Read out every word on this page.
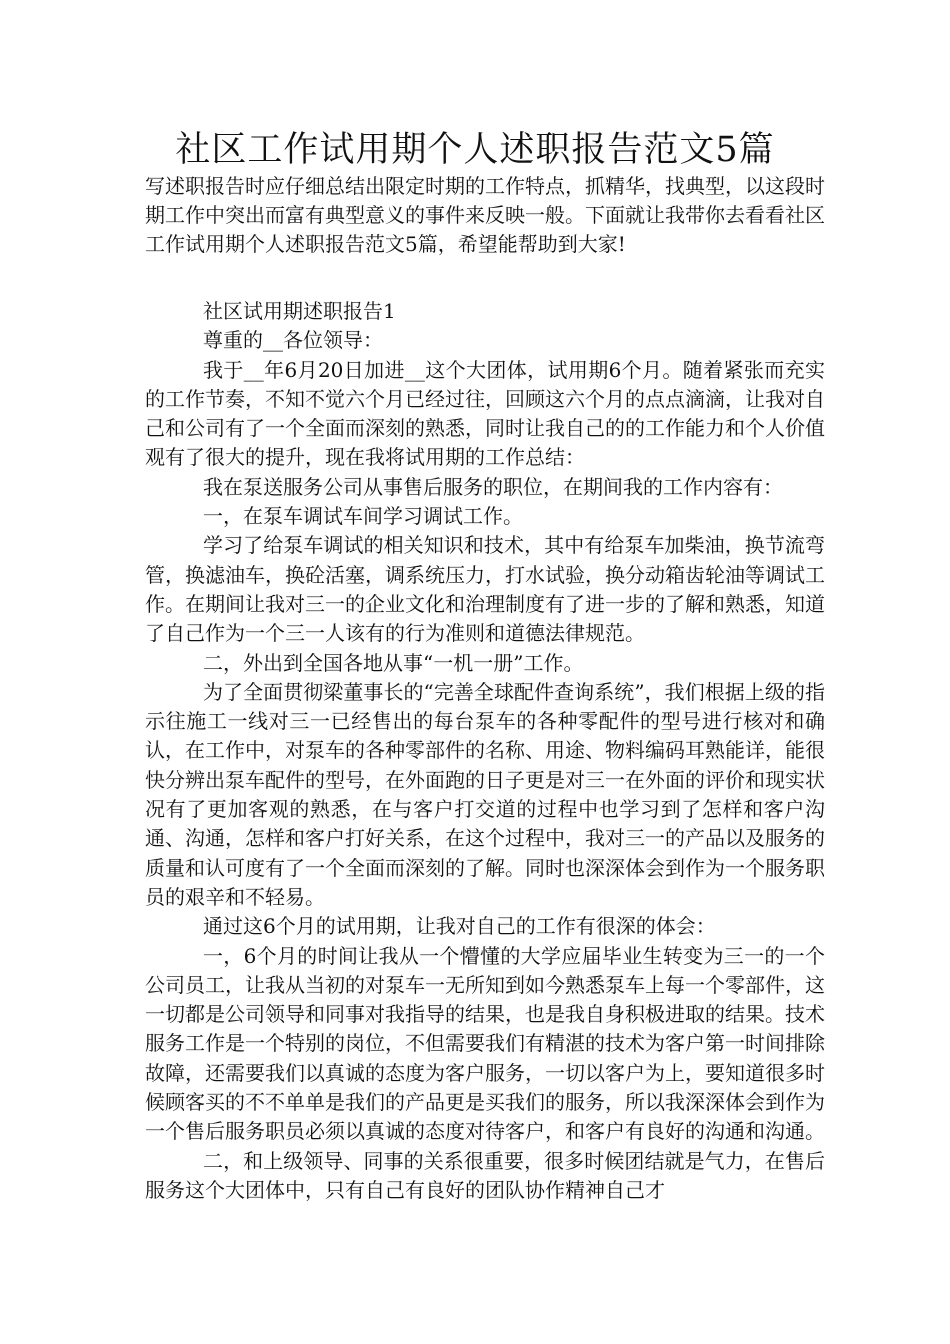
社区工作试用期个人述职报告范文5篇

写述职报告时应仔细总结出限定时期的工作特点，抓精华，找典型，以这段时期工作中突出而富有典型意义的事件来反映一般。下面就让我带你去看看社区工作试用期个人述职报告范文5篇，希望能帮助到大家!

社区试用期述职报告1

尊重的__各位领导：

我于__年6月20日加进__这个大团体，试用期6个月。随着紧张而充实的工作节奏，不知不觉六个月已经过往，回顾这六个月的点点滴滴，让我对自己和公司有了一个全面而深刻的熟悉，同时让我自己的的工作能力和个人价值观有了很大的提升，现在我将试用期的工作总结：

我在泵送服务公司从事售后服务的职位，在期间我的工作内容有：

一，在泵车调试车间学习调试工作。

学习了给泵车调试的相关知识和技术，其中有给泵车加柴油，换节流弯管，换滤油车，换砼活塞，调系统压力，打水试验，换分动箱齿轮油等调试工作。在期间让我对三一的企业文化和治理制度有了进一步的了解和熟悉，知道了自己作为一个三一人该有的行为准则和道德法律规范。

二，外出到全国各地从事“一机一册”工作。

为了全面贯彻梁董事长的“完善全球配件查询系统”，我们根据上级的指示往施工一线对三一已经售出的每台泵车的各种零配件的型号进行核对和确认，在工作中，对泵车的各种零部件的名称、用途、物料编码耳熟能详，能很快分辨出泵车配件的型号，在外面跑的日子更是对三一在外面的评价和现实状况有了更加客观的熟悉，在与客户打交道的过程中也学习到了怎样和客户沟通、沟通，怎样和客户打好关系，在这个过程中，我对三一的产品以及服务的质量和认可度有了一个全面而深刻的了解。同时也深深体会到作为一个服务职员的艰辛和不轻易。

通过这6个月的试用期，让我对自己的工作有很深的体会：

一，6个月的时间让我从一个懵懂的大学应届毕业生转变为三一的一个公司员工，让我从当初的对泵车一无所知到如今熟悉泵车上每一个零部件，这一切都是公司领导和同事对我指导的结果，也是我自身积极进取的结果。技术服务工作是一个特别的岗位，不但需要我们有精湛的技术为客户第一时间排除故障，还需要我们以真诚的态度为客户服务，一切以客户为上，要知道很多时候顾客买的不不单单是我们的产品更是买我们的服务，所以我深深体会到作为一个售后服务职员必须以真诚的态度对待客户，和客户有良好的沟通和沟通。

二，和上级领导、同事的关系很重要，很多时候团结就是气力，在售后服务这个大团体中，只有自己有良好的团队协作精神自己才
